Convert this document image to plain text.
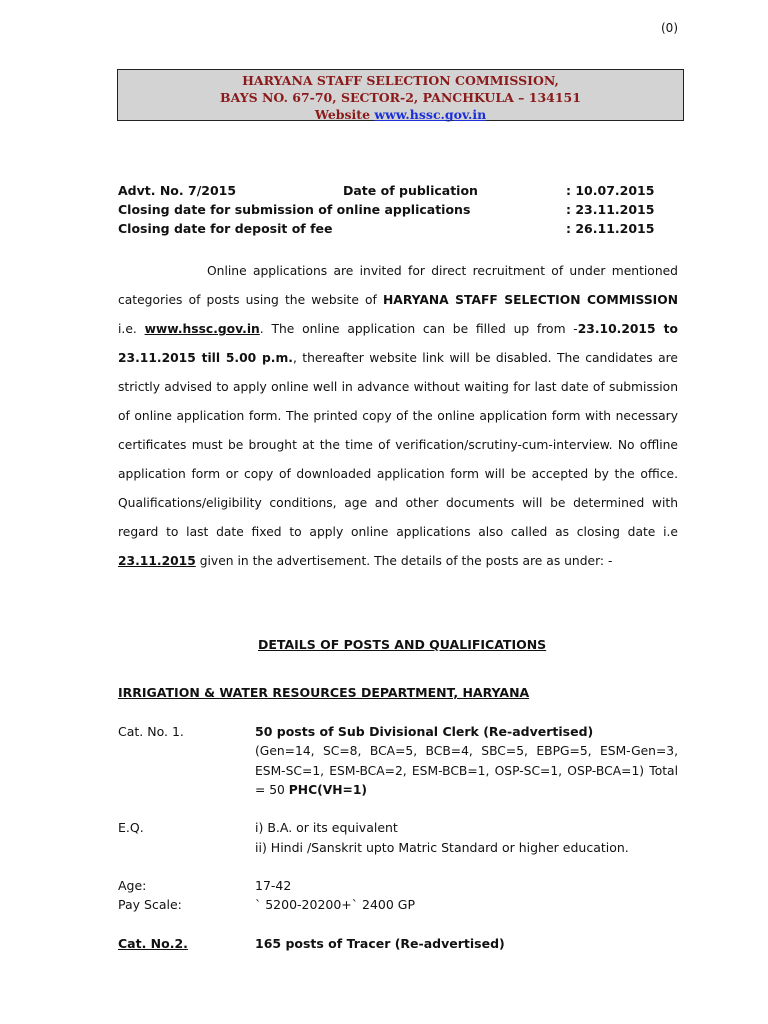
(0)
HARYANA STAFF SELECTION COMMISSION,
BAYS NO. 67-70, SECTOR-2, PANCHKULA – 134151
Website www.hssc.gov.in
Advt. No. 7/2015	Date of publication	: 10.07.2015
Closing date for submission of online applications	: 23.11.2015
Closing date for deposit of fee	: 26.11.2015
Online applications are invited for direct recruitment of under mentioned categories of posts using the website of HARYANA STAFF SELECTION COMMISSION i.e. www.hssc.gov.in. The online application can be filled up from -23.10.2015 to 23.11.2015 till 5.00 p.m., thereafter website link will be disabled. The candidates are strictly advised to apply online well in advance without waiting for last date of submission of online application form. The printed copy of the online application form with necessary certificates must be brought at the time of verification/scrutiny-cum-interview. No offline application form or copy of downloaded application form will be accepted by the office. Qualifications/eligibility conditions, age and other documents will be determined with regard to last date fixed to apply online applications also called as closing date i.e 23.11.2015 given in the advertisement. The details of the posts are as under: -
DETAILS OF POSTS AND QUALIFICATIONS
IRRIGATION & WATER RESOURCES DEPARTMENT, HARYANA
Cat. No. 1.	50 posts of Sub Divisional Clerk (Re-advertised)
(Gen=14, SC=8, BCA=5, BCB=4, SBC=5, EBPG=5, ESM-Gen=3, ESM-SC=1, ESM-BCA=2, ESM-BCB=1, OSP-SC=1, OSP-BCA=1) Total = 50 PHC(VH=1)
E.Q.	i) B.A. or its equivalent
ii) Hindi /Sanskrit upto Matric Standard or higher education.
Age:	17-42
Pay Scale:	` 5200-20200+` 2400 GP
Cat. No.2.	165 posts of Tracer (Re-advertised)
